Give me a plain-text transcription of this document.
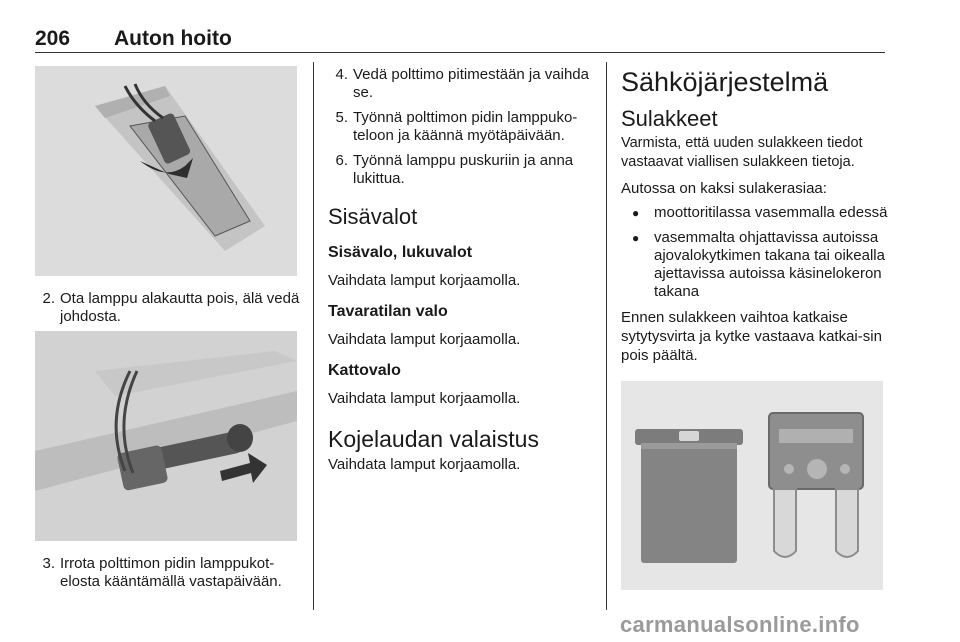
206 Auton hoito
2. Ota lamppu alakautta pois, älä vedä johdosta.
3. Irrota polttimon pidin lamppukot-elosta kääntämällä vastapäivään.
4. Vedä polttimo pitimestään ja vaihda se.
5. Työnnä polttimon pidin lamppuko-teloon ja käännä myötäpäivään.
6. Työnnä lamppu puskuriin ja anna lukittua.
Sisävalot
Sisävalo, lukuvalot
Vaihdata lamput korjaamolla.
Tavaratilan valo
Vaihdata lamput korjaamolla.
Kattovalo
Vaihdata lamput korjaamolla.
Kojelaudan valaistus
Vaihdata lamput korjaamolla.
Sähköjärjestelmä
Sulakkeet
Varmista, että uuden sulakkeen tiedot vastaavat viallisen sulakkeen tietoja.
Autossa on kaksi sulakerasiaa:
● moottoritilassa vasemmalla edessä
● vasemmalta ohjattavissa autoissa ajovalokytkimen takana tai oikealla ajettavissa autoissa käsinelokeron takana
Ennen sulakkeen vaihtoa katkaise sytytysvirta ja kytke vastaava katkai-sin pois päältä.
carmanualsonline.info
